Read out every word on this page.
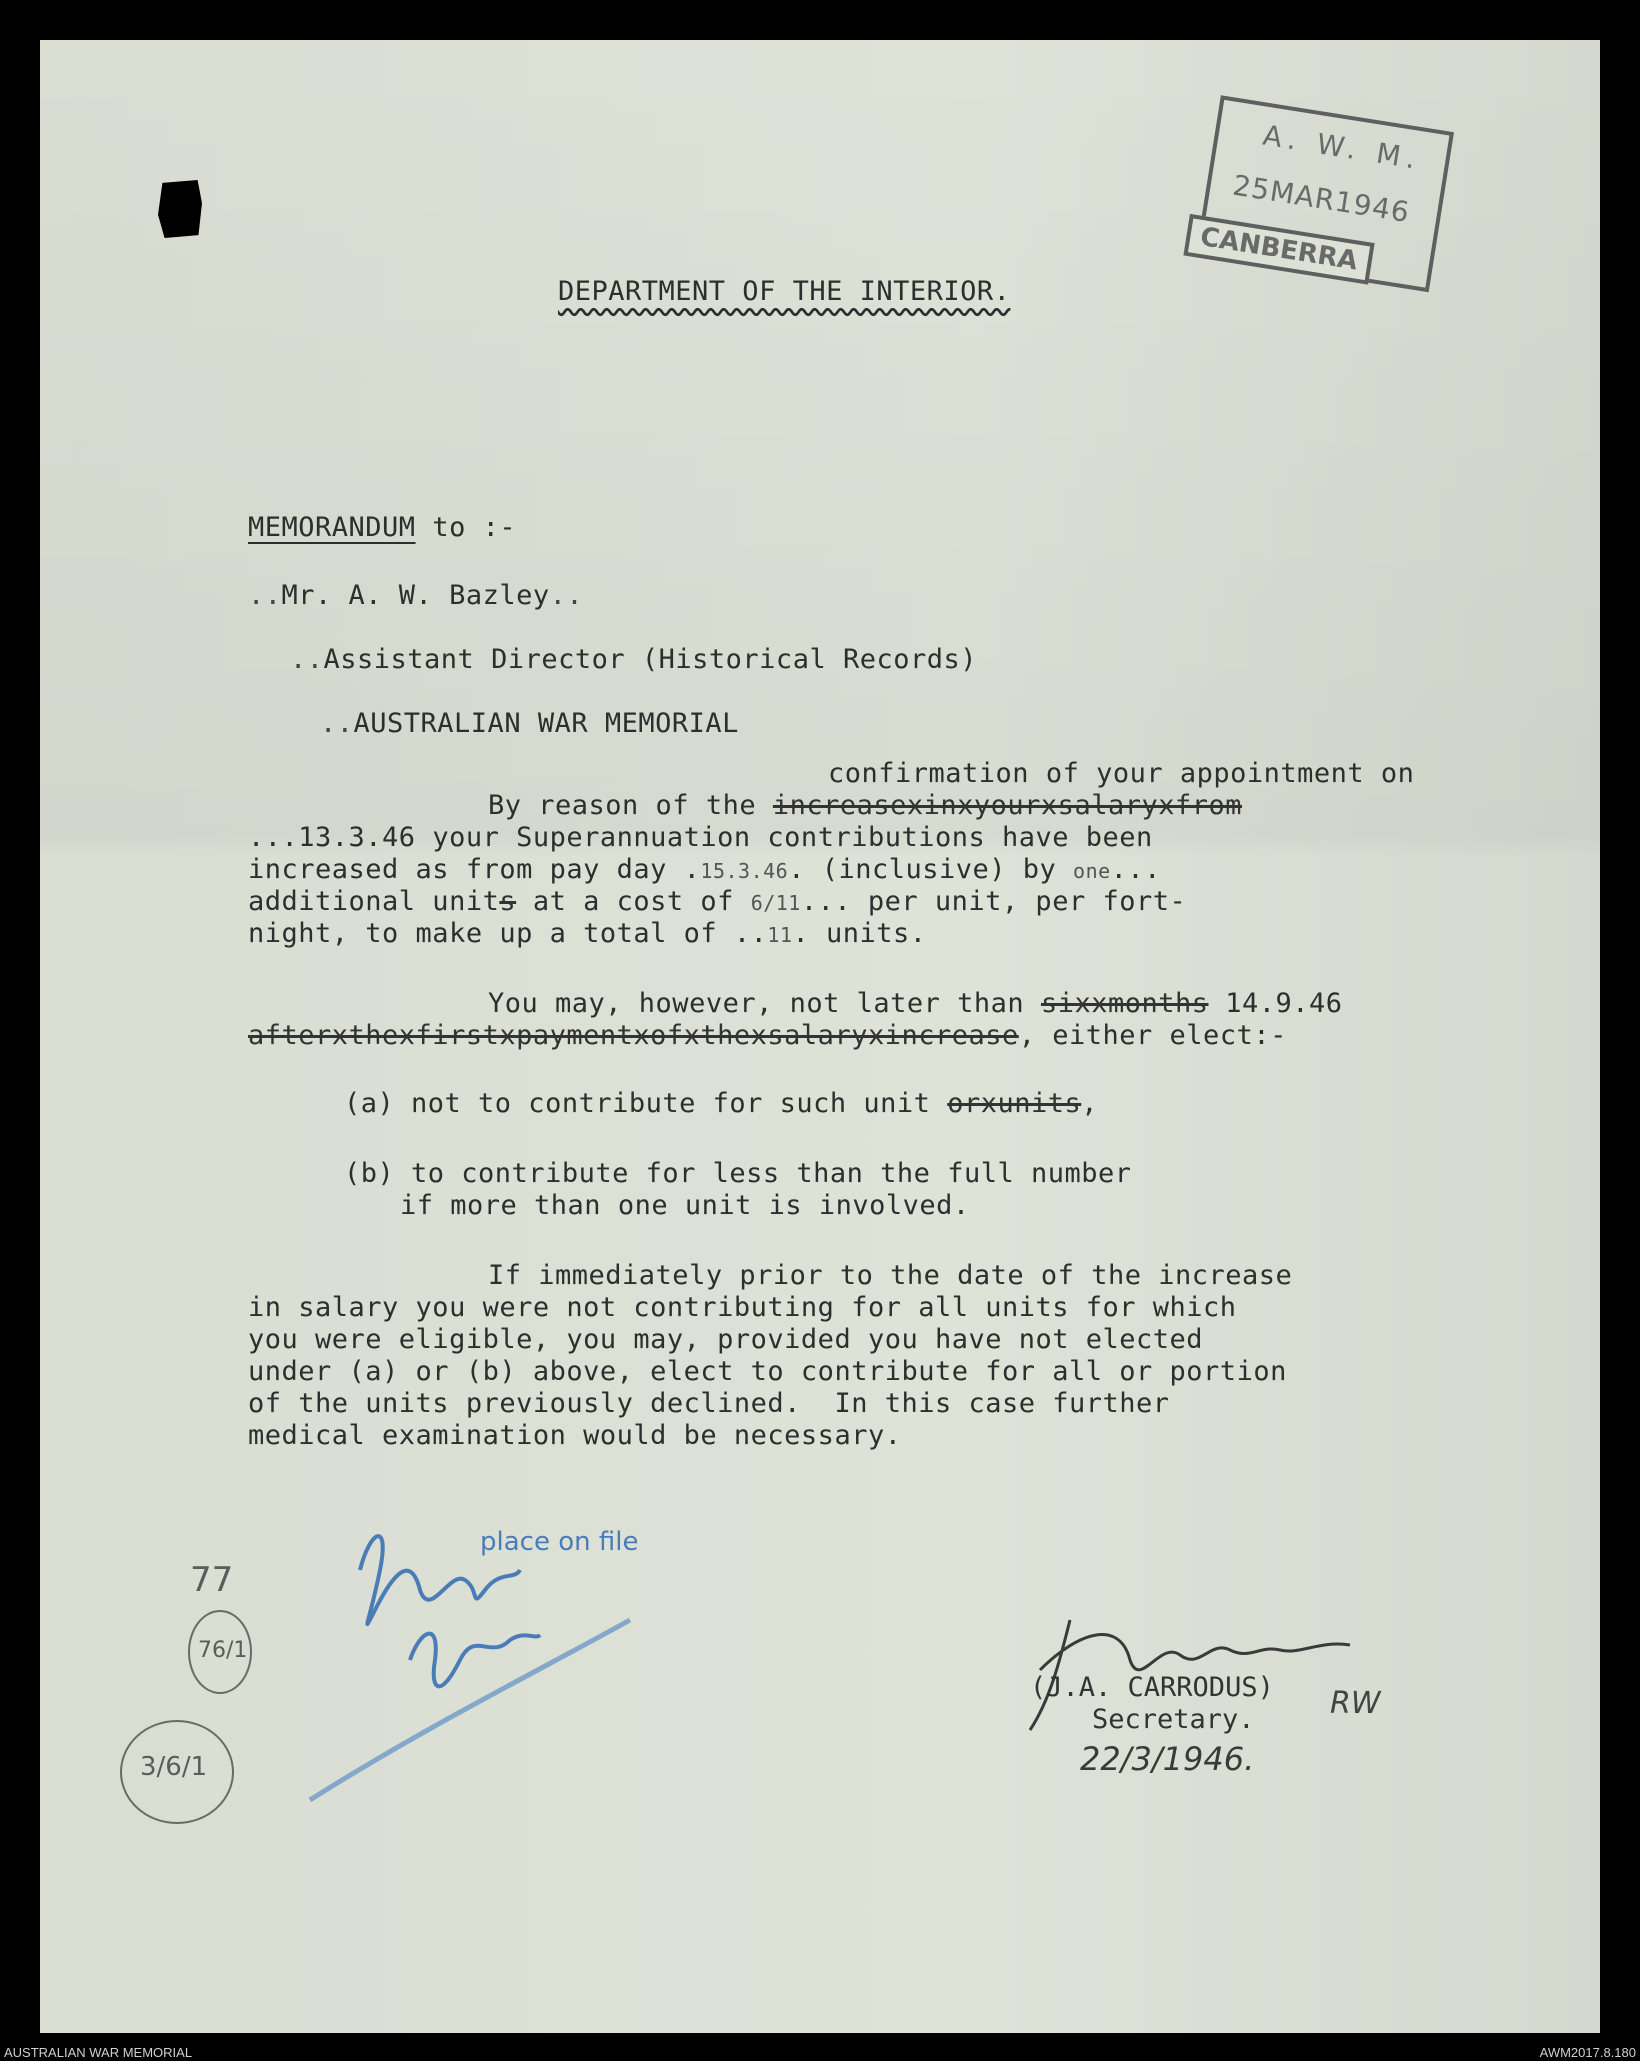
A. W. M.
25MAR1946
CANBERRA
DEPARTMENT OF THE INTERIOR.
MEMORANDUM to :-
..Mr. A. W. Bazley..
..Assistant Director (Historical Records)
..AUSTRALIAN WAR MEMORIAL
confirmation of your appointment on
By reason of the increasexinxyourxsalaryxfrom
...13.3.46 your Superannuation contributions have been
increased as from pay day .15.3.46. (inclusive) by one...
additional units at a cost of 6/11... per unit, per fort-
night, to make up a total of ..11. units.
You may, however, not later than sixxmonths 14.9.46
afterxthexfirstxpaymentxofxthexsalaryxincrease, either elect:-
(a) not to contribute for such unit orxunits,
(b) to contribute for less than the full number
if more than one unit is involved.
If immediately prior to the date of the increase
in salary you were not contributing for all units for which
you were eligible, you may, provided you have not elected
under (a) or (b) above, elect to contribute for all or portion
of the units previously declined.  In this case further
medical examination would be necessary.
place on file
77
76/1
3/6/1
(J.A. CARRODUS)
Secretary.	RW
22/3/1946.
AUSTRALIAN WAR MEMORIAL	AWM2017.8.180
